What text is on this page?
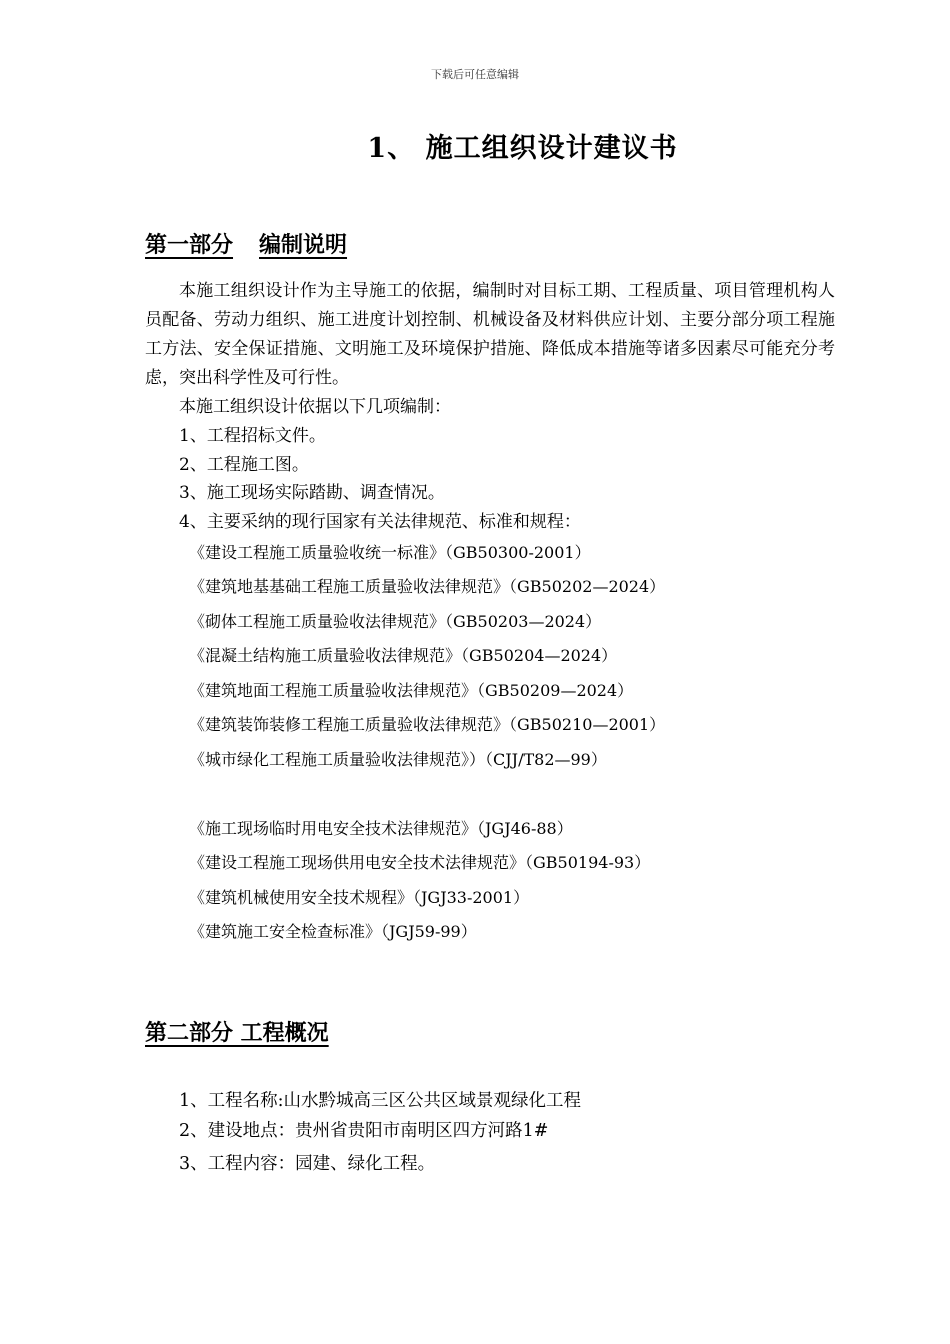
下载后可任意编辑
1、 施工组织设计建议书
第一部分 编制说明
本施工组织设计作为主导施工的依据，编制时对目标工期、工程质量、项目管理机构人员配备、劳动力组织、施工进度计划控制、机械设备及材料供应计划、主要分部分项工程施工方法、安全保证措施、文明施工及环境保护措施、降低成本措施等诸多因素尽可能充分考虑，突出科学性及可行性。
本施工组织设计依据以下几项编制：
1、工程招标文件。
2、工程施工图。
3、施工现场实际踏勘、调查情况。
4、主要采纳的现行国家有关法律规范、标准和规程：
《建设工程施工质量验收统一标准》（GB50300-2001）
《建筑地基基础工程施工质量验收法律规范》（GB50202—2024）
《砌体工程施工质量验收法律规范》（GB50203—2024）
《混凝土结构施工质量验收法律规范》（GB50204—2024）
《建筑地面工程施工质量验收法律规范》（GB50209—2024）
《建筑装饰装修工程施工质量验收法律规范》（GB50210—2001）
《城市绿化工程施工质量验收法律规范》）（CJJ/T82—99）
《施工现场临时用电安全技术法律规范》（JGJ46-88）
《建设工程施工现场供用电安全技术法律规范》（GB50194-93）
《建筑机械使用安全技术规程》（JGJ33-2001）
《建筑施工安全检查标准》（JGJ59-99）
第二部分 工程概况
1、工程名称:山水黔城高三区公共区域景观绿化工程
2、建设地点：贵州省贵阳市南明区四方河路1#
3、工程内容：园建、绿化工程。
